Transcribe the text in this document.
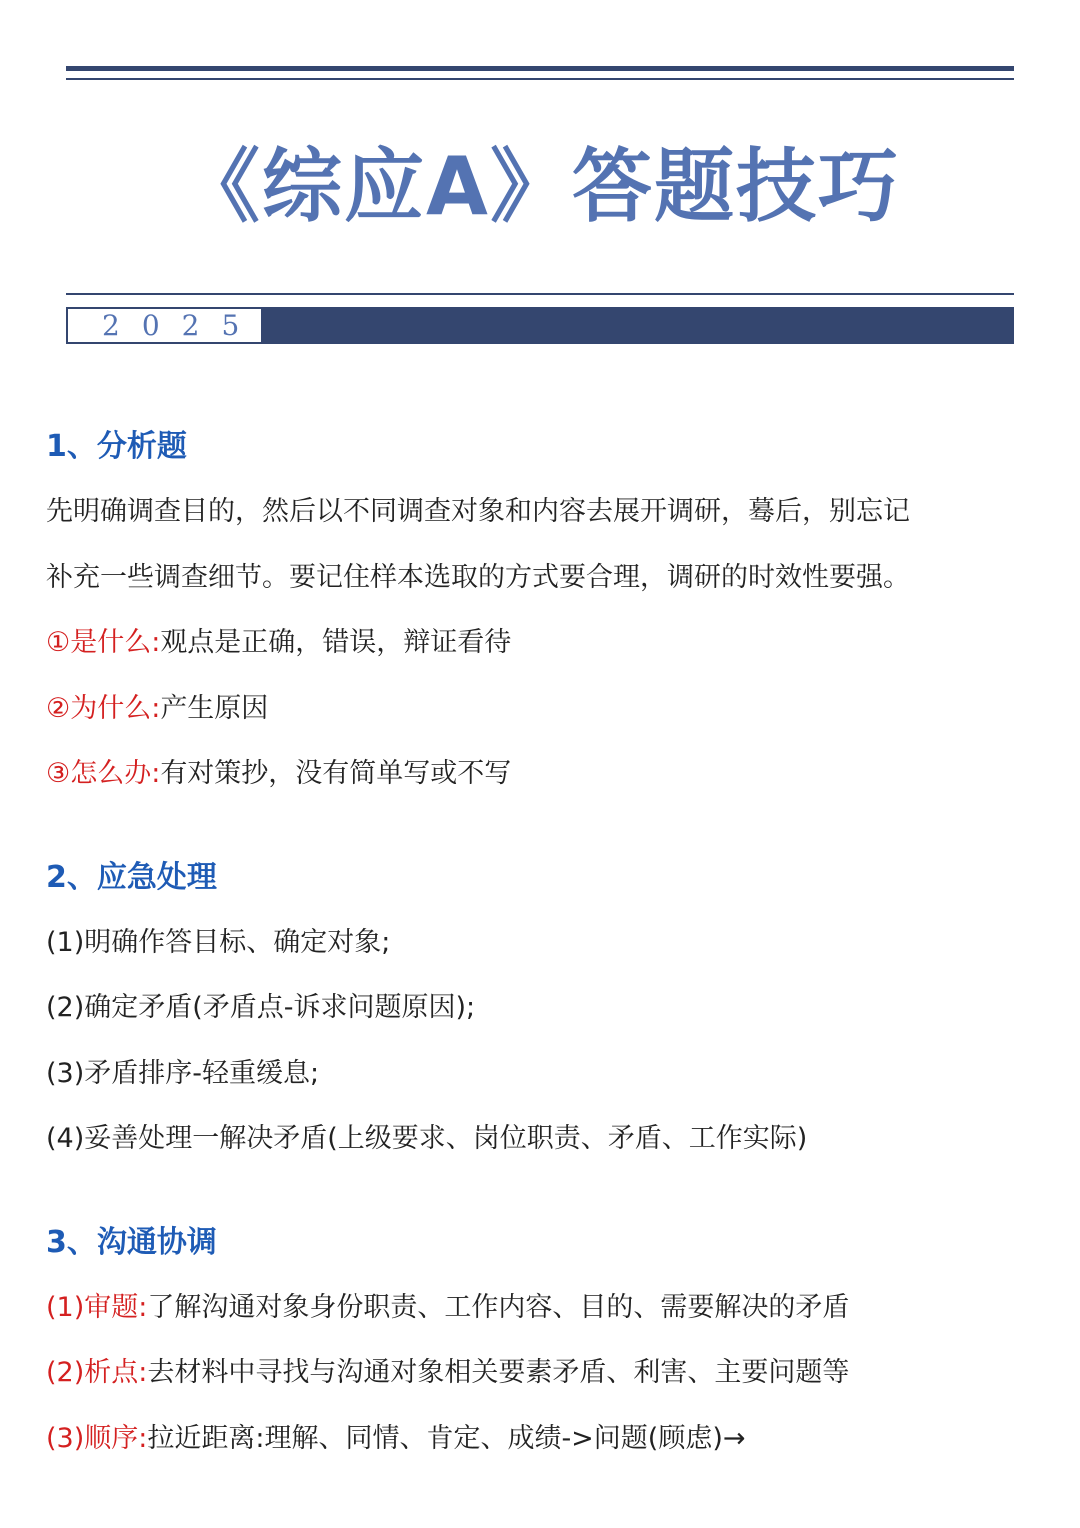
《综应A》答题技巧
2025
1、分析题
先明确调查目的，然后以不同调查对象和内容去展开调研，蓦后，别忘记
补充一些调查细节。要记住样本选取的方式要合理，调研的时效性要强。
①是什么:观点是正确，错误，辩证看待
②为什么:产生原因
③怎么办:有对策抄，没有简单写或不写
2、应急处理
(1)明确作答目标、确定对象;
(2)确定矛盾(矛盾点-诉求问题原因);
(3)矛盾排序-轻重缓息;
(4)妥善处理一解决矛盾(上级要求、岗位职责、矛盾、工作实际)
3、沟通协调
(1)审题:了解沟通对象身份职责、工作内容、目的、需要解决的矛盾
(2)析点:去材料中寻找与沟通对象相关要素矛盾、利害、主要问题等
(3)顺序:拉近距离:理解、同情、肯定、成绩->问题(顾虑)→
